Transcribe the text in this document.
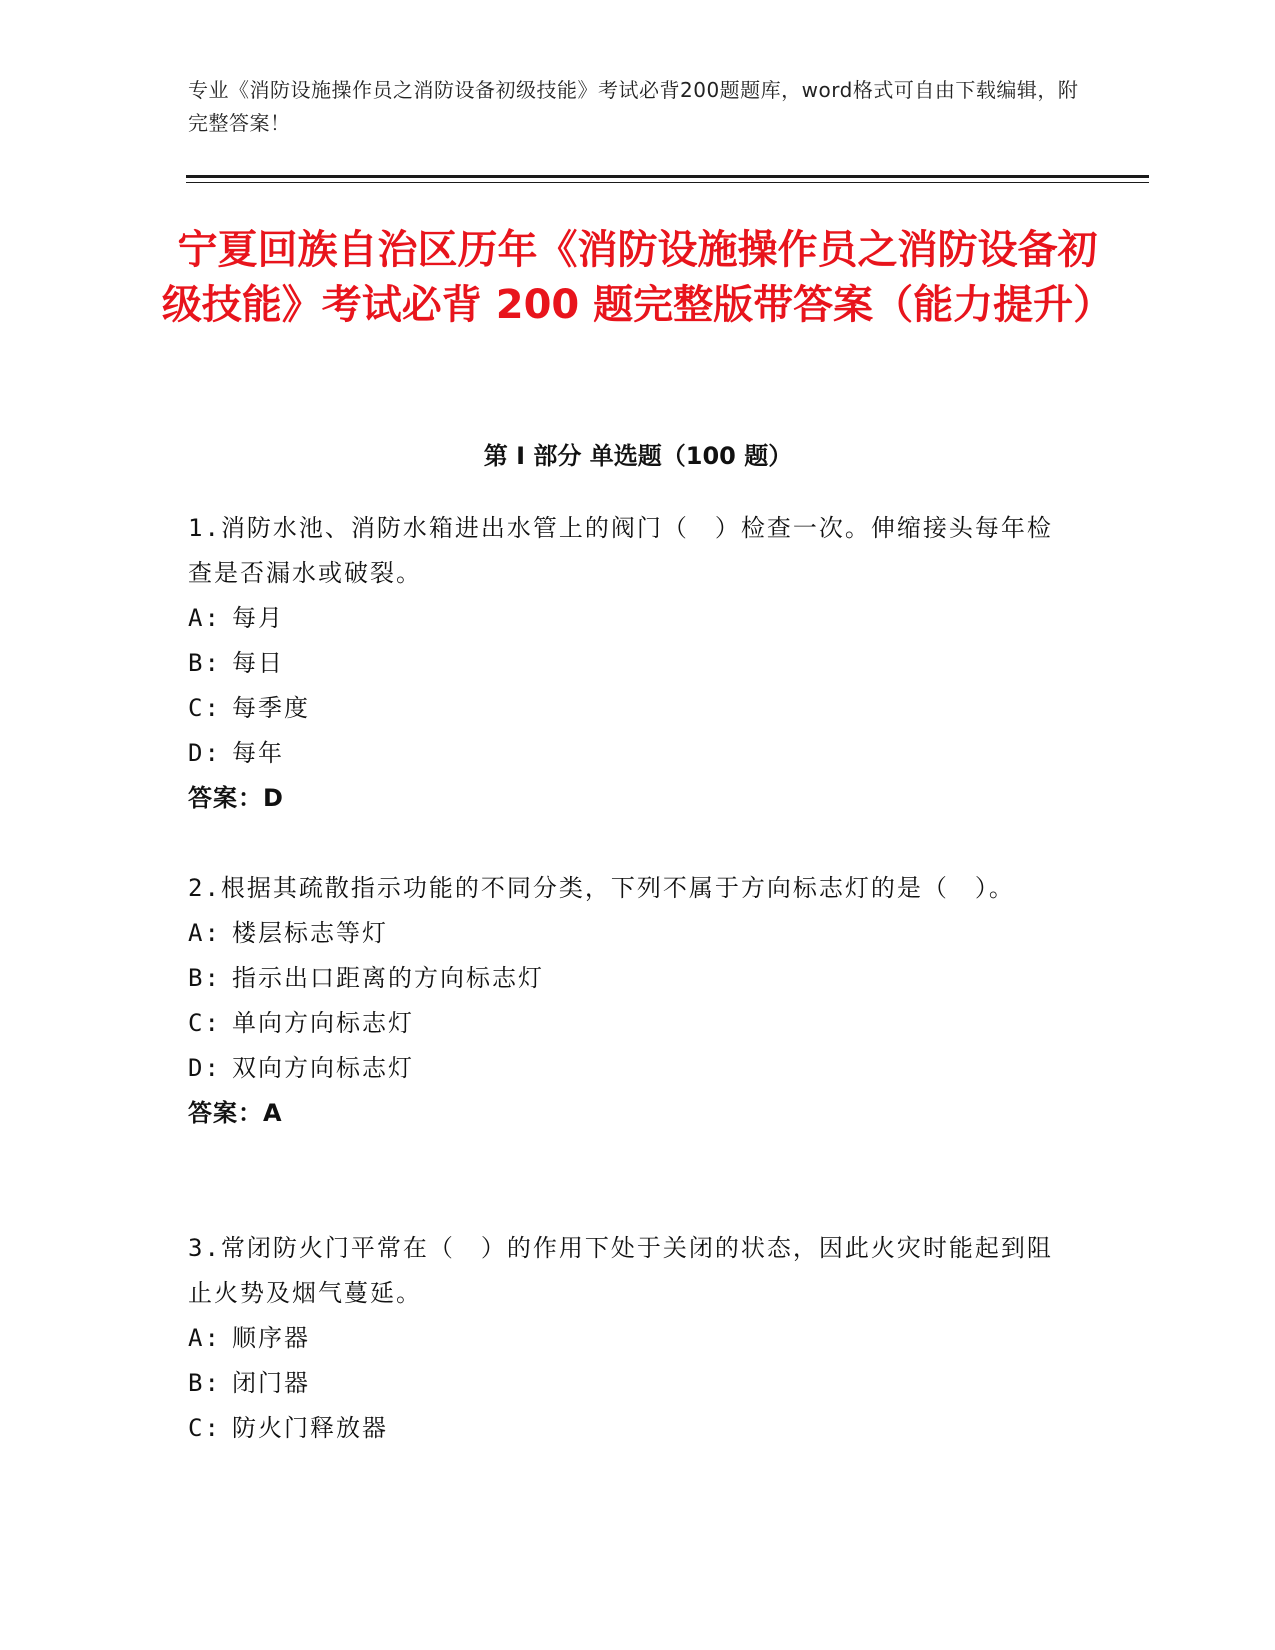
专业《消防设施操作员之消防设备初级技能》考试必背200题题库，word格式可自由下载编辑，附完整答案！
宁夏回族自治区历年《消防设施操作员之消防设备初级技能》考试必背 200 题完整版带答案（能力提升）
第 I 部分 单选题（100 题）

1.消防水池、消防水箱进出水管上的阀门（　）检查一次。伸缩接头每年检查是否漏水或破裂。

A: 每月

B: 每日

C: 每季度

D: 每年

答案：D

2.根据其疏散指示功能的不同分类，下列不属于方向标志灯的是（　）。

A: 楼层标志等灯

B: 指示出口距离的方向标志灯

C: 单向方向标志灯

D: 双向方向标志灯

答案：A

3.常闭防火门平常在（　）的作用下处于关闭的状态，因此火灾时能起到阻止火势及烟气蔓延。

A: 顺序器

B: 闭门器

C: 防火门释放器
